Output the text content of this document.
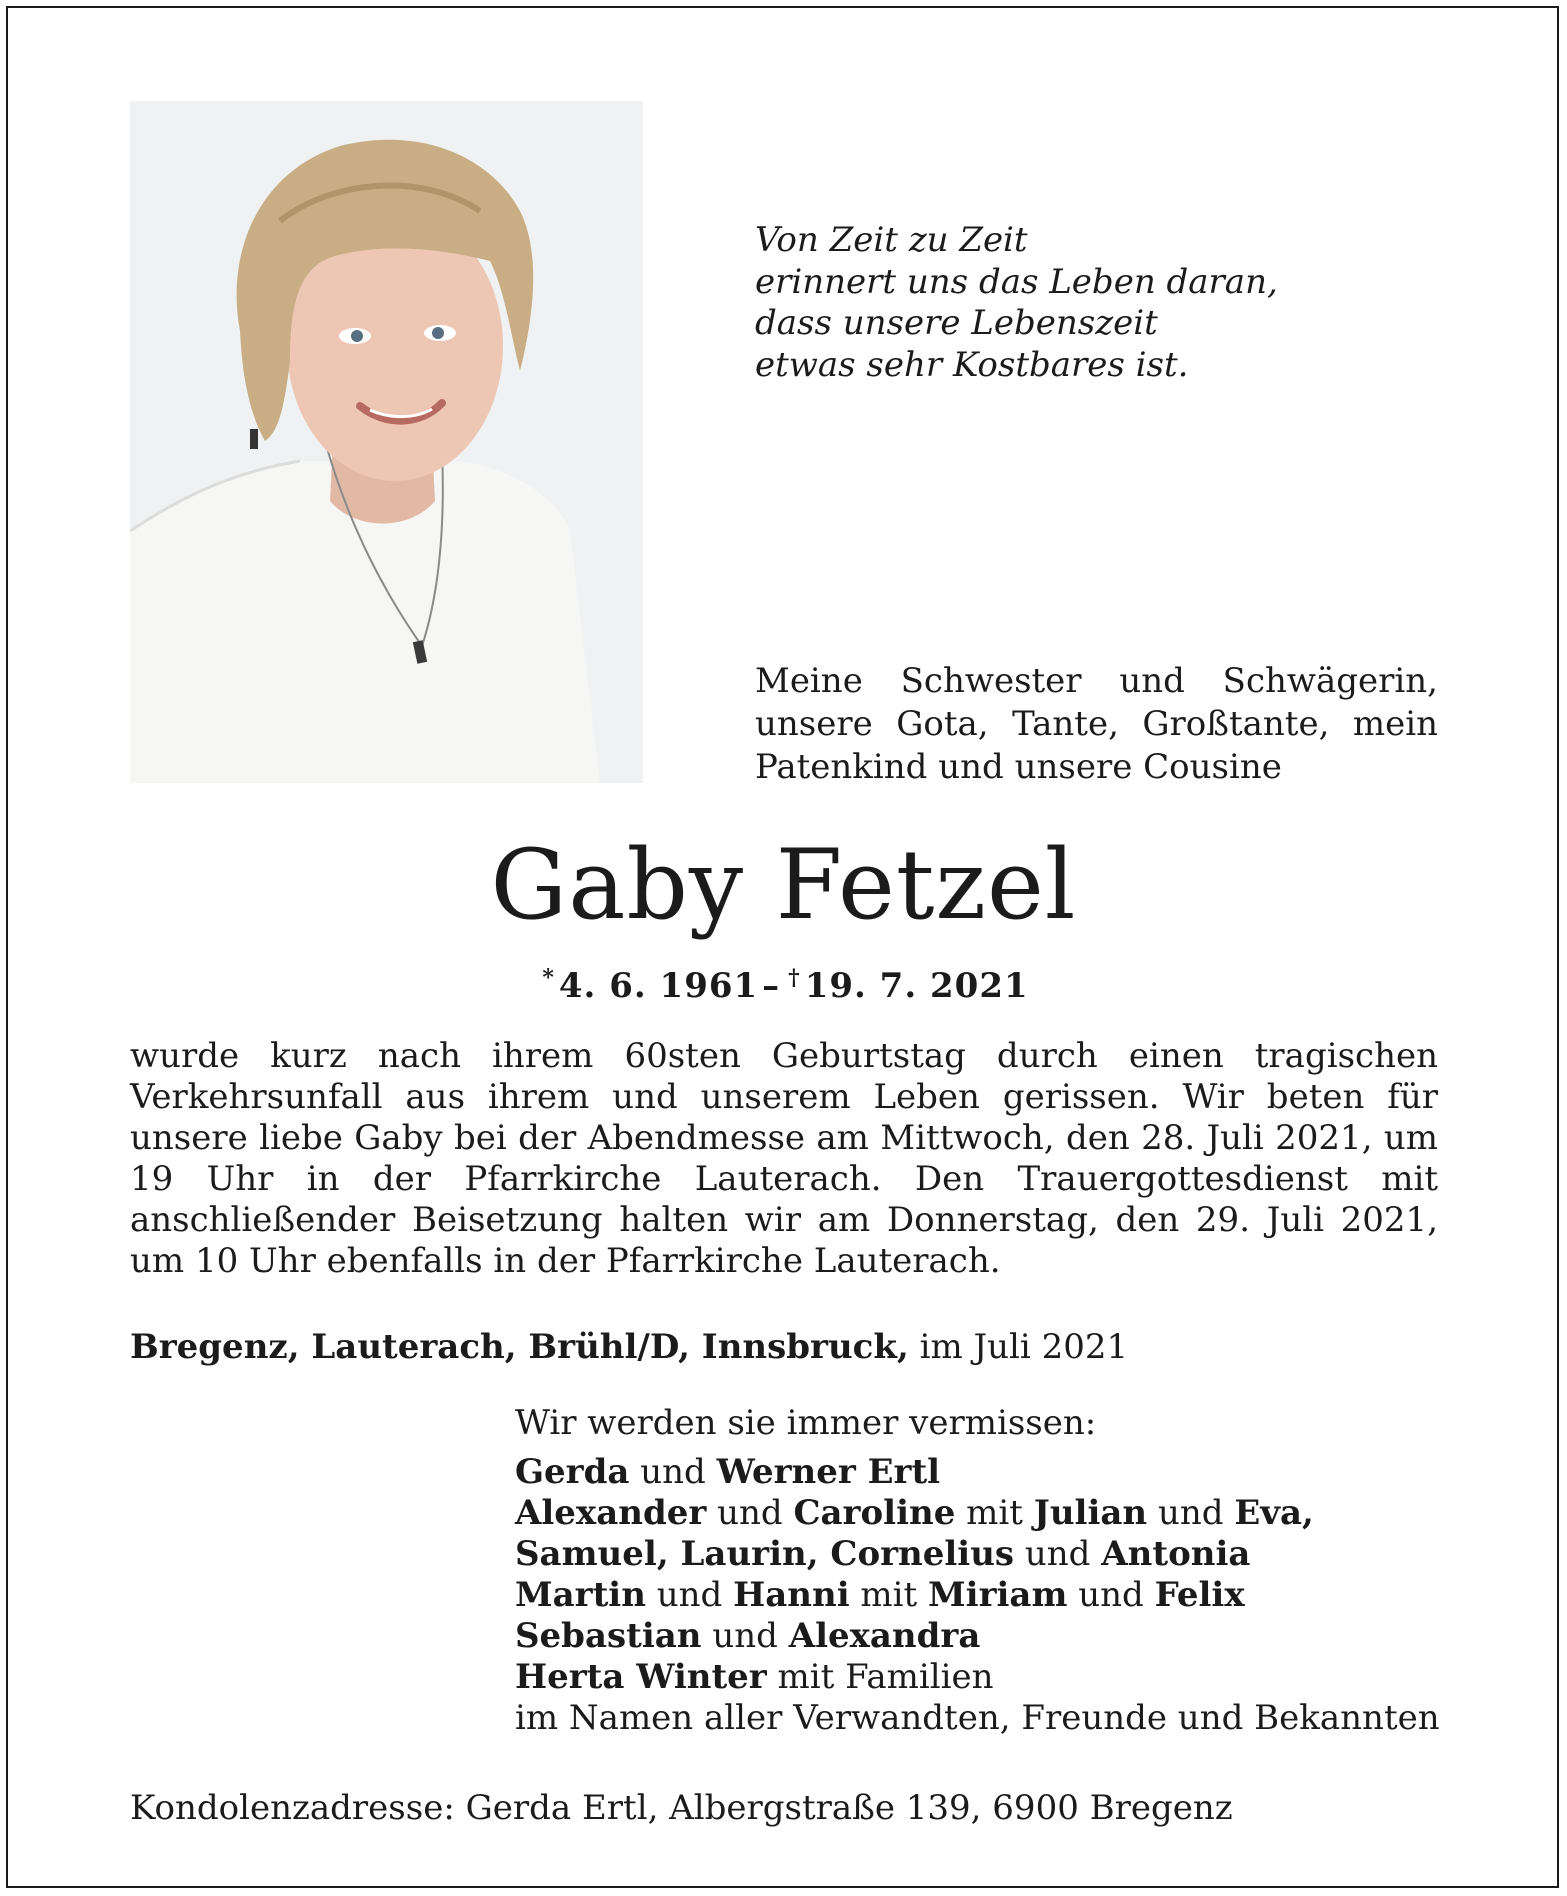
Von Zeit zu Zeit
erinnert uns das Leben daran,
dass unsere Lebenszeit
etwas sehr Kostbares ist.
Meine Schwester und Schwägerin, unsere Gota, Tante, Großtante, mein Patenkind und unsere Cousine
Gaby Fetzel
* 4. 6. 1961 – † 19. 7. 2021
wurde kurz nach ihrem 60sten Geburtstag durch einen tragischen Verkehrsunfall aus ihrem und unserem Leben gerissen. Wir beten für unsere liebe Gaby bei der Abendmesse am Mittwoch, den 28. Juli 2021, um 19 Uhr in der Pfarrkirche Lauterach. Den Trauergottesdienst mit anschließender Beisetzung halten wir am Donnerstag, den 29. Juli 2021, um 10 Uhr ebenfalls in der Pfarrkirche Lauterach.
Bregenz, Lauterach, Brühl/D, Innsbruck, im Juli 2021
Wir werden sie immer vermissen:
Gerda und Werner Ertl
Alexander und Caroline mit Julian und Eva,
Samuel, Laurin, Cornelius und Antonia
Martin und Hanni mit Miriam und Felix
Sebastian und Alexandra
Herta Winter mit Familien
im Namen aller Verwandten, Freunde und Bekannten
Kondolenzadresse: Gerda Ertl, Albergstraße 139, 6900 Bregenz
